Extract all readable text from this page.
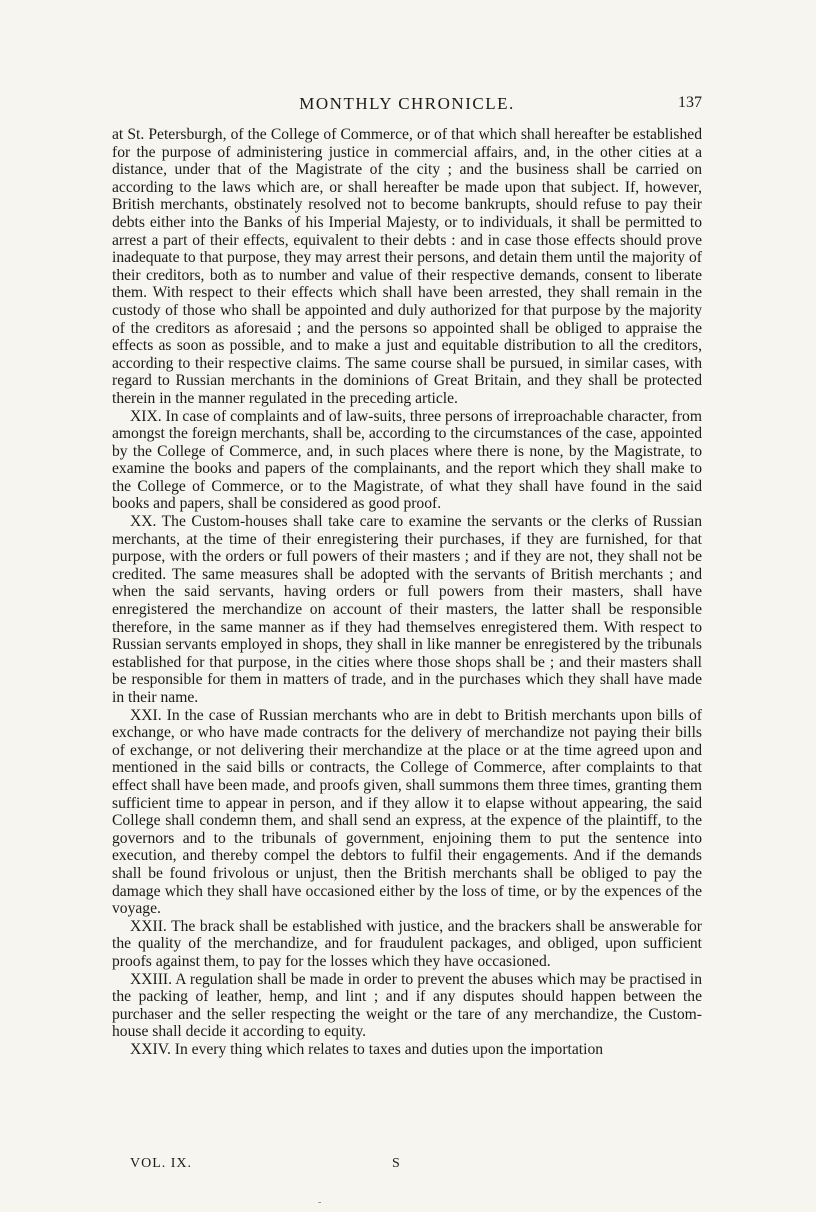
MONTHLY CHRONICLE.	137

at St. Petersburgh, of the College of Commerce, or of that which shall hereafter be established for the purpose of administering justice in commercial affairs, and, in the other cities at a distance, under that of the Magistrate of the city ; and the business shall be carried on according to the laws which are, or shall hereafter be made upon that subject. If, however, British merchants, obstinately resolved not to become bankrupts, should refuse to pay their debts either into the Banks of his Imperial Majesty, or to individuals, it shall be permitted to arrest a part of their effects, equivalent to their debts : and in case those effects should prove inadequate to that purpose, they may arrest their persons, and detain them until the majority of their creditors, both as to number and value of their respective demands, consent to liberate them. With respect to their effects which shall have been arrested, they shall remain in the custody of those who shall be appointed and duly authorized for that purpose by the majority of the creditors as aforesaid ; and the persons so appointed shall be obliged to appraise the effects as soon as possible, and to make a just and equitable distribution to all the creditors, according to their respective claims. The same course shall be pursued, in similar cases, with regard to Russian merchants in the dominions of Great Britain, and they shall be protected therein in the manner regulated in the preceding article.

XIX. In case of complaints and of law-suits, three persons of irreproachable character, from amongst the foreign merchants, shall be, according to the circumstances of the case, appointed by the College of Commerce, and, in such places where there is none, by the Magistrate, to examine the books and papers of the complainants, and the report which they shall make to the College of Commerce, or to the Magistrate, of what they shall have found in the said books and papers, shall be considered as good proof.

XX. The Custom-houses shall take care to examine the servants or the clerks of Russian merchants, at the time of their enregistering their purchases, if they are furnished, for that purpose, with the orders or full powers of their masters ; and if they are not, they shall not be credited. The same measures shall be adopted with the servants of British merchants ; and when the said servants, having orders or full powers from their masters, shall have enregistered the merchandize on account of their masters, the latter shall be responsible therefore, in the same manner as if they had themselves enregistered them. With respect to Russian servants employed in shops, they shall in like manner be enregistered by the tribunals established for that purpose, in the cities where those shops shall be ; and their masters shall be responsible for them in matters of trade, and in the purchases which they shall have made in their name.

XXI. In the case of Russian merchants who are in debt to British merchants upon bills of exchange, or who have made contracts for the delivery of merchandize not paying their bills of exchange, or not delivering their merchandize at the place or at the time agreed upon and mentioned in the said bills or contracts, the College of Commerce, after complaints to that effect shall have been made, and proofs given, shall summons them three times, granting them sufficient time to appear in person, and if they allow it to elapse without appearing, the said College shall condemn them, and shall send an express, at the expence of the plaintiff, to the governors and to the tribunals of government, enjoining them to put the sentence into execution, and thereby compel the debtors to fulfil their engagements. And if the demands shall be found frivolous or unjust, then the British merchants shall be obliged to pay the damage which they shall have occasioned either by the loss of time, or by the expences of the voyage.

XXII. The brack shall be established with justice, and the brackers shall be answerable for the quality of the merchandize, and for fraudulent packages, and obliged, upon sufficient proofs against them, to pay for the losses which they have occasioned.

XXIII. A regulation shall be made in order to prevent the abuses which may be practised in the packing of leather, hemp, and lint ; and if any disputes should happen between the purchaser and the seller respecting the weight or the tare of any merchandize, the Custom-house shall decide it according to equity.

XXIV. In every thing which relates to taxes and duties upon the importation

VOL. IX.	S
-
